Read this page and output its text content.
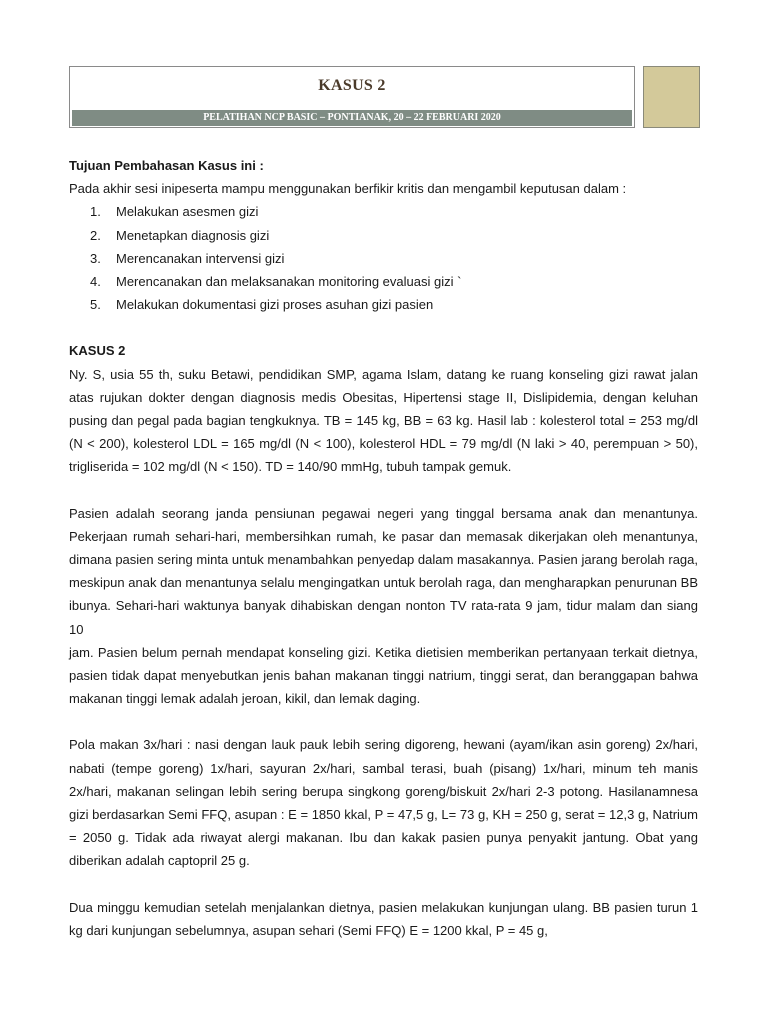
KASUS 2
PELATIHAN NCP BASIC – PONTIANAK, 20 – 22 FEBRUARI 2020

Tujuan Pembahasan Kasus ini :

Pada akhir sesi inipeserta mampu menggunakan berfikir kritis dan mengambil keputusan dalam :

1. Melakukan asesmen gizi
2. Menetapkan diagnosis gizi
3. Merencanakan intervensi gizi
4. Merencanakan dan melaksanakan monitoring evaluasi gizi `
5. Melakukan dokumentasi gizi proses asuhan gizi pasien

KASUS 2

Ny. S, usia 55 th, suku Betawi, pendidikan SMP, agama Islam, datang ke ruang konseling gizi rawat jalan atas rujukan dokter dengan diagnosis medis Obesitas, Hipertensi stage II, Dislipidemia, dengan keluhan pusing dan pegal pada bagian tengkuknya. TB = 145 kg, BB = 63 kg. Hasil lab : kolesterol total = 253 mg/dl (N < 200), kolesterol LDL = 165 mg/dl (N < 100), kolesterol HDL = 79 mg/dl (N laki > 40, perempuan > 50), trigliserida = 102 mg/dl (N < 150). TD = 140/90 mmHg, tubuh tampak gemuk.

Pasien adalah seorang janda pensiunan pegawai negeri yang tinggal bersama anak dan menantunya. Pekerjaan rumah sehari-hari, membersihkan rumah, ke pasar dan memasak dikerjakan oleh menantunya, dimana pasien sering minta untuk menambahkan penyedap dalam masakannya. Pasien jarang berolah raga, meskipun anak dan menantunya selalu mengingatkan untuk berolah raga, dan mengharapkan penurunan BB ibunya. Sehari-hari waktunya banyak dihabiskan dengan nonton TV rata-rata 9 jam, tidur malam dan siang 10

jam. Pasien belum pernah mendapat konseling gizi. Ketika dietisien memberikan pertanyaan terkait dietnya, pasien tidak dapat menyebutkan jenis bahan makanan tinggi natrium, tinggi serat, dan beranggapan bahwa makanan tinggi lemak adalah jeroan, kikil, dan lemak daging.

Pola makan 3x/hari : nasi dengan lauk pauk lebih sering digoreng, hewani (ayam/ikan asin goreng) 2x/hari, nabati (tempe goreng) 1x/hari, sayuran 2x/hari, sambal terasi, buah (pisang) 1x/hari, minum teh manis 2x/hari, makanan selingan lebih sering berupa singkong goreng/biskuit 2x/hari 2-3 potong. Hasilanamnesa gizi berdasarkan Semi FFQ, asupan : E = 1850 kkal, P = 47,5 g, L= 73 g, KH = 250 g, serat = 12,3 g, Natrium = 2050 g. Tidak ada riwayat alergi makanan. Ibu dan kakak pasien punya penyakit jantung. Obat yang diberikan adalah captopril 25 g.

Dua minggu kemudian setelah menjalankan dietnya, pasien melakukan kunjungan ulang. BB pasien turun 1 kg dari kunjungan sebelumnya, asupan sehari (Semi FFQ) E = 1200 kkal, P = 45 g,
